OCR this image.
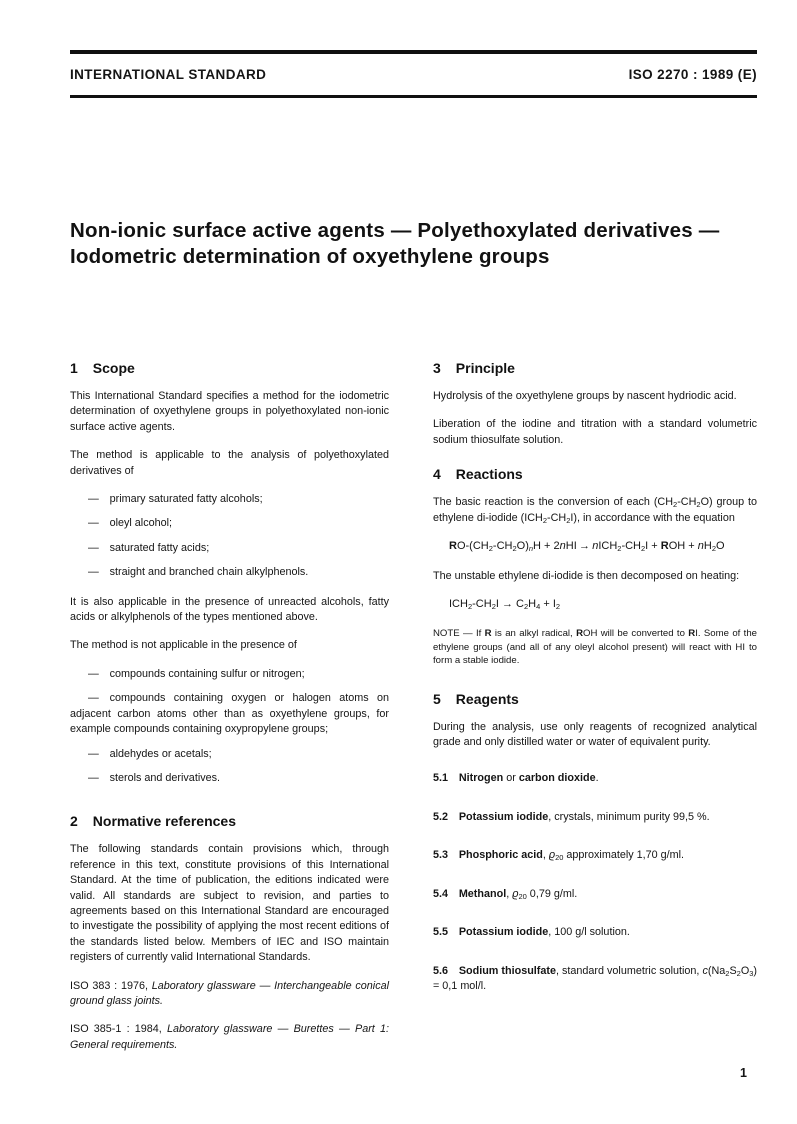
INTERNATIONAL STANDARD	ISO 2270 : 1989 (E)
Non-ionic surface active agents — Polyethoxylated derivatives — Iodometric determination of oxyethylene groups
1 Scope

This International Standard specifies a method for the iodometric determination of oxyethylene groups in polyethoxylated non-ionic surface active agents.

The method is applicable to the analysis of polyethoxylated derivatives of

— primary saturated fatty alcohols;

— oleyl alcohol;

— saturated fatty acids;

— straight and branched chain alkylphenols.

It is also applicable in the presence of unreacted alcohols, fatty acids or alkylphenols of the types mentioned above.

The method is not applicable in the presence of

— compounds containing sulfur or nitrogen;

— compounds containing oxygen or halogen atoms on adjacent carbon atoms other than as oxyethylene groups, for example compounds containing oxypropylene groups;

— aldehydes or acetals;

— sterols and derivatives.

2 Normative references

The following standards contain provisions which, through reference in this text, constitute provisions of this International Standard. At the time of publication, the editions indicated were valid. All standards are subject to revision, and parties to agreements based on this International Standard are encouraged to investigate the possibility of applying the most recent editions of the standards listed below. Members of IEC and ISO maintain registers of currently valid International Standards.

ISO 383 : 1976, Laboratory glassware — Interchangeable conical ground glass joints.

ISO 385-1 : 1984, Laboratory glassware — Burettes — Part 1: General requirements.

3 Principle

Hydrolysis of the oxyethylene groups by nascent hydriodic acid.

Liberation of the iodine and titration with a standard volumetric sodium thiosulfate solution.

4 Reactions

The basic reaction is the conversion of each $(CH_2-CH_2O)$ group to ethylene di-iodide $(ICH_2-CH_2I)$, in accordance with the equation

$RO-(CH_2-CH_2O)_nH + 2nHI$ → $nICH_2-CH_2I$ + ROH + $nH_2O$

The unstable ethylene di-iodide is then decomposed on heating:

$ICH_2-CH_2I \to C_2H_4 + I_2$

NOTE — If R is an alkyl radical, ROH will be converted to RI. Some of the ethylene groups (and all of any oleyl alcohol present) will react with HI to form a stable iodide.

5 Reagents

During the analysis, use only reagents of recognized analytical grade and only distilled water or water of equivalent purity.

5.1  Nitrogen or carbon dioxide.

5.2  Potassium iodide, crystals, minimum purity 99,5 %.

5.3  Phosphoric acid, $ϱ_{20}$ approximately 1,70 g/ml.

5.4  Methanol, $ϱ_{20}$ 0,79 g/ml.

5.5  Potassium iodide, 100 g/l solution.

5.6  Sodium thiosulfate, standard volumetric solution, $c(Na_2S_2O_3) = 0,1$ mol/l.

1
